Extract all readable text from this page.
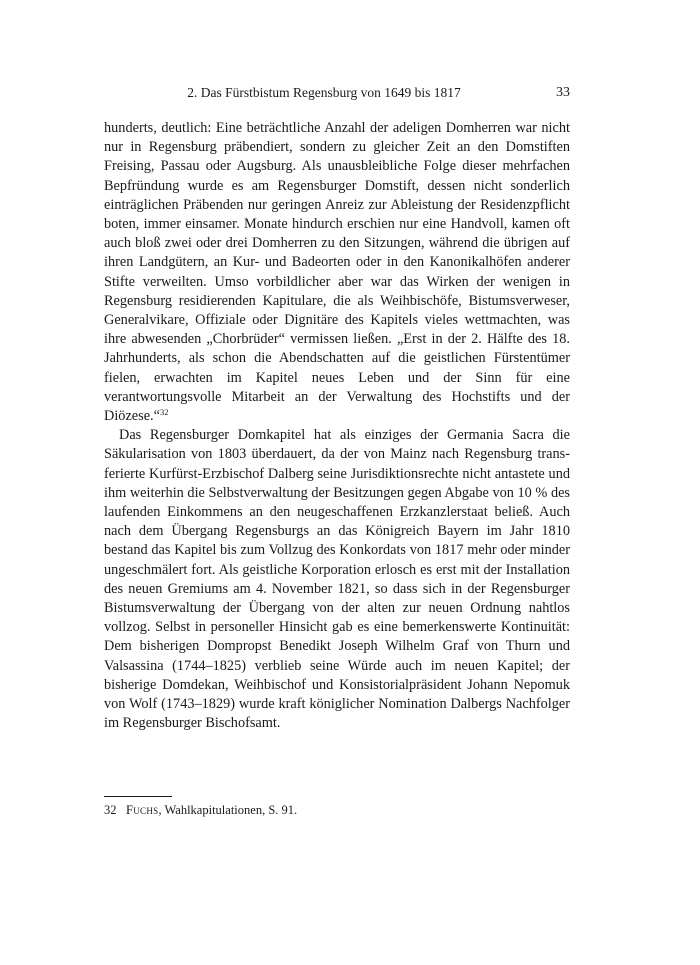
2. Das Fürstbistum Regensburg von 1649 bis 1817	33

hunderts, deutlich: Eine beträchtliche Anzahl der adeligen Domherren war nicht nur in Regensburg präbendiert, sondern zu gleicher Zeit an den Domstiften Freising, Passau oder Augsburg. Als unausbleibliche Folge dieser mehrfachen Bepfründung wurde es am Regensburger Domstift, dessen nicht sonderlich einträglichen Präbenden nur geringen Anreiz zur Ableistung der Residenzpflicht boten, immer einsamer. Monate hindurch erschien nur eine Handvoll, kamen oft auch bloß zwei oder drei Domherren zu den Sitzungen, während die übrigen auf ihren Landgütern, an Kur- und Badeorten oder in den Kanonikalhöfen anderer Stifte verweilten. Umso vorbildlicher aber war das Wirken der wenigen in Regensburg residierenden Kapitulare, die als Weihbischöfe, Bistumsverweser, Generalvikare, Offiziale oder Dignitäre des Kapitels vieles wettmachten, was ihre abwesenden „Chorbrüder“ vermissen ließen. „Erst in der 2. Hälfte des 18. Jahrhunderts, als schon die Abendschatten auf die geistlichen Fürstentümer fielen, erwachten im Kapitel neues Leben und der Sinn für eine verantwortungsvolle Mitarbeit an der Verwaltung des Hochstifts und der Diözese.“$^{32}$

Das Regensburger Domkapitel hat als einziges der Germania Sacra die Säkularisation von 1803 überdauert, da der von Mainz nach Regensburg transferierte Kurfürst-Erzbischof Dalberg seine Jurisdiktionsrechte nicht antastete und ihm weiterhin die Selbstverwaltung der Besitzungen gegen Abgabe von 10 % des laufenden Einkommens an den neugeschaffenen Erzkanzlerstaat beließ. Auch nach dem Übergang Regensburgs an das Königreich Bayern im Jahr 1810 bestand das Kapitel bis zum Vollzug des Konkordats von 1817 mehr oder minder ungeschmälert fort. Als geistliche Korporation erlosch es erst mit der Installation des neuen Gremiums am 4. November 1821, so dass sich in der Regensburger Bistumsverwaltung der Übergang von der alten zur neuen Ordnung nahtlos vollzog. Selbst in personeller Hinsicht gab es eine bemerkenswerte Kontinuität: Dem bisherigen Dompropst Benedikt Joseph Wilhelm Graf von Thurn und Valsassina (1744–1825) verblieb seine Würde auch im neuen Kapitel; der bisherige Domdekan, Weihbischof und Konsistorialpräsident Johann Nepomuk von Wolf (1743–1829) wurde kraft königlicher Nomination Dalbergs Nachfolger im Regensburger Bischofsamt.

32 Fuchs, Wahlkapitulationen, S. 91.
